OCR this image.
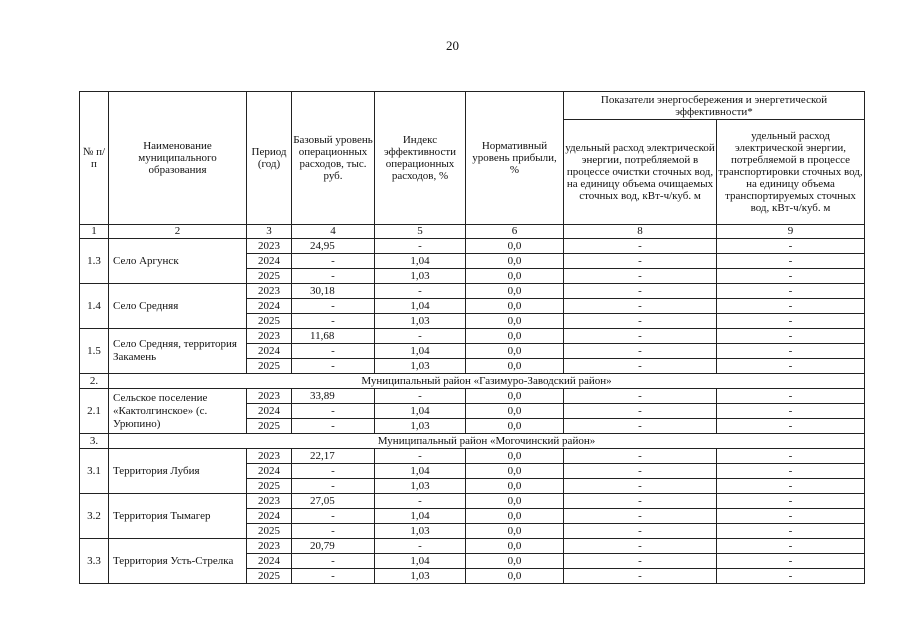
20
№ п/п	Наименование муниципального образования	Период (год)	Базовый уровень операционных расходов, тыс. руб.	Индекс эффективности операционных расходов, %	Нормативный уровень прибыли, %	Показатели энергосбережения и энергетической эффективности*	
						удельный расход электрической энергии, потребляемой в процессе очистки сточных вод, на единицу объема очищаемых сточных вод, кВт-ч/куб. м	удельный расход электрической энергии, потребляемой в процессе транспортировки сточных вод, на единицу объема транспортируемых сточных вод, кВт-ч/куб. м
1	2	3	4	5	6	8	9
1.3	Село Аргунск	2023	24,95	-	0,0	-	-
		2024	-	1,04	0,0	-	-
		2025	-	1,03	0,0	-	-
1.4	Село Средняя	2023	30,18	-	0,0	-	-
		2024	-	1,04	0,0	-	-
		2025	-	1,03	0,0	-	-
1.5	Село Средняя, территория Закамень	2023	11,68	-	0,0	-	-
		2024	-	1,04	0,0	-	-
		2025	-	1,03	0,0	-	-
2.	Муниципальный район «Газимуро-Заводский район»						
2.1	Сельское поселение «Кактолгинское» (с. Урюпино)	2023	33,89	-	0,0	-	-
		2024	-	1,04	0,0	-	-
		2025	-	1,03	0,0	-	-
3.	Муниципальный район «Могочинский район»						
3.1	Территория Лубия	2023	22,17	-	0,0	-	-
		2024	-	1,04	0,0	-	-
		2025	-	1,03	0,0	-	-
3.2	Территория Тымагер	2023	27,05	-	0,0	-	-
		2024	-	1,04	0,0	-	-
		2025	-	1,03	0,0	-	-
3.3	Территория Усть-Стрелка	2023	20,79	-	0,0	-	-
		2024	-	1,04	0,0	-	-
		2025	-	1,03	0,0	-	-
